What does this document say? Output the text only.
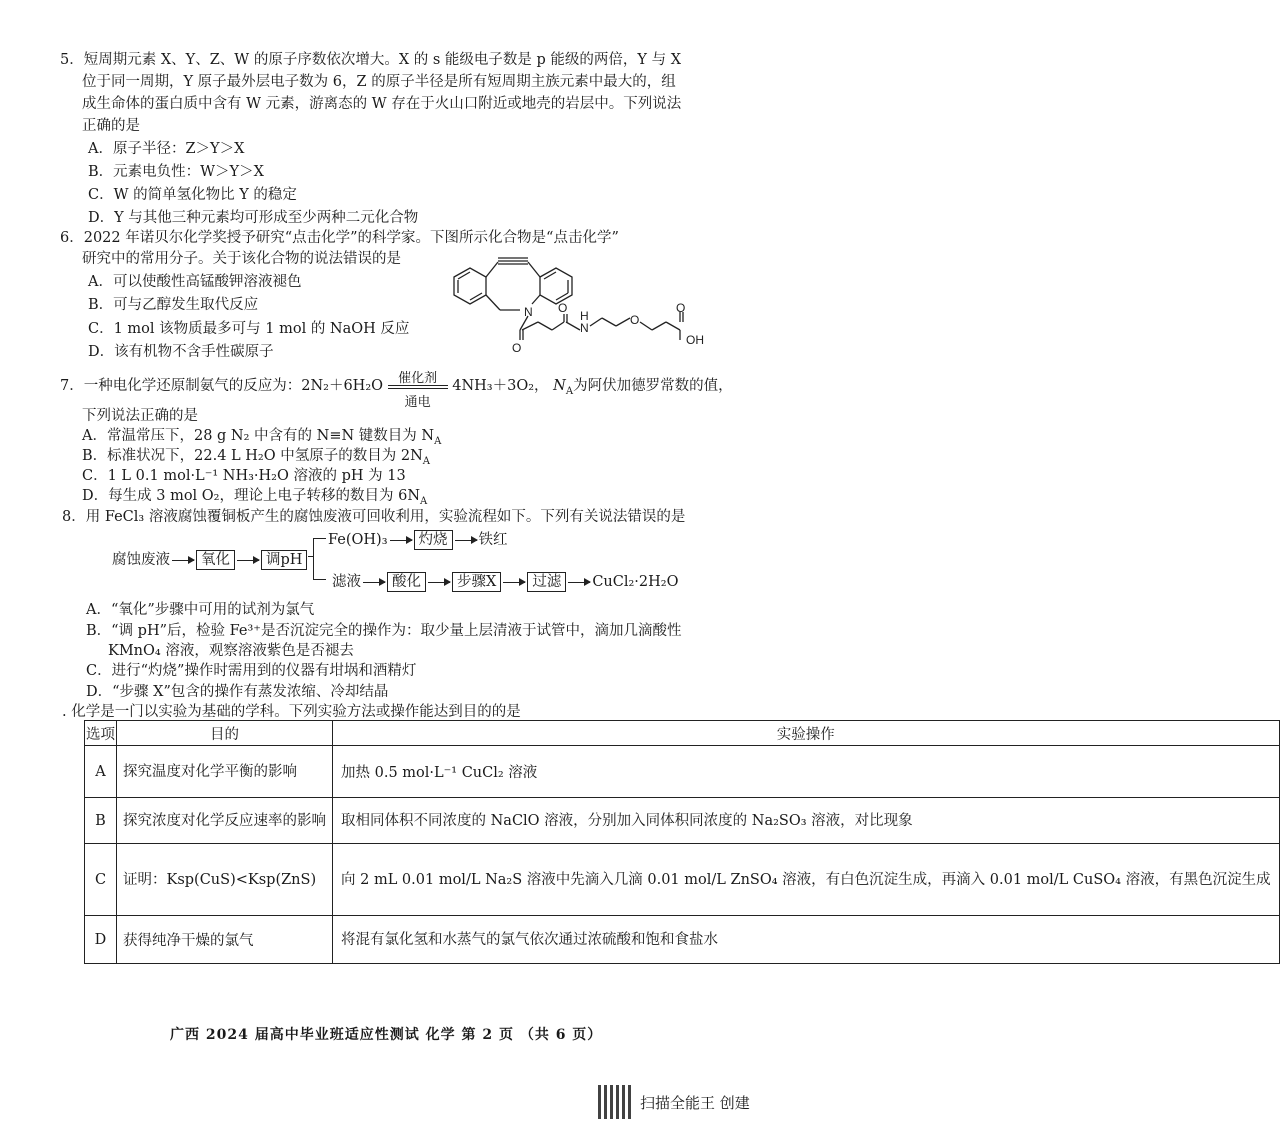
5．短周期元素 X、Y、Z、W 的原子序数依次增大。X 的 s 能级电子数是 p 能级的两倍，Y 与 X
位于同一周期，Y 原子最外层电子数为 6，Z 的原子半径是所有短周期主族元素中最大的，组
成生命体的蛋白质中含有 W 元素，游离态的 W 存在于火山口附近或地壳的岩层中。下列说法
正确的是
A．原子半径：Z＞Y＞X
B．元素电负性：W＞Y＞X
C．W 的简单氢化物比 Y 的稳定
D．Y 与其他三种元素均可形成至少两种二元化合物
6．2022 年诺贝尔化学奖授予研究“点击化学”的科学家。下图所示化合物是“点击化学”
研究中的常用分子。关于该化合物的说法错误的是
A．可以使酸性高锰酸钾溶液褪色
B．可与乙醇发生取代反应
C．1 mol 该物质最多可与 1 mol 的 NaOH 反应
D．该有机物不含手性碳原子
N
O
O
N
H	O
O
OH
7．一种电化学还原制氨气的反应为：2N₂＋6H₂O	催化剂
通电
4NH₃＋3O₂， $N_A$为阿伏加德罗常数的值，
下列说法正确的是
A．常温常压下，28 g N₂ 中含有的 N≡N 键数目为 $N_A$
B．标准状况下，22.4 L H₂O 中氢原子的数目为 $2N_A$
C．1 L 0.1 mol·L⁻¹ NH₃·H₂O 溶液的 pH 为 13
D．每生成 3 mol O₂，理论上电子转移的数目为 $6N_A$
8．用 FeCl₃ 溶液腐蚀覆铜板产生的腐蚀废液可回收利用，实验流程如下。下列有关说法错误的是
腐蚀废液 氧化 调pH
Fe(OH)₃ 灼烧 铁红
滤液 酸化 步骤X 过滤 CuCl₂·2H₂O
A．“氧化”步骤中可用的试剂为氯气
B．“调 pH”后，检验 Fe³⁺是否沉淀完全的操作为：取少量上层清液于试管中，滴加几滴酸性
KMnO₄ 溶液，观察溶液紫色是否褪去
C．进行“灼烧”操作时需用到的仪器有坩埚和酒精灯
D．“步骤 X”包含的操作有蒸发浓缩、冷却结晶
. 化学是一门以实验为基础的学科。下列实验方法或操作能达到目的的是
选项	目的	实验操作
A	探究温度对化学平衡的影响	加热 0.5 mol·L⁻¹ CuCl₂ 溶液
B	探究浓度对化学反应速率的影响	取相同体积不同浓度的 NaClO 溶液，分别加入同体积同浓度的 Na₂SO₃ 溶液，对比现象
C	证明：Ksp(CuS)<Ksp(ZnS)	向 2 mL 0.01 mol/L Na₂S 溶液中先滴入几滴 0.01 mol/L ZnSO₄ 溶液，有白色沉淀生成，再滴入 0.01 mol/L CuSO₄ 溶液，有黑色沉淀生成
D	获得纯净干燥的氯气	将混有氯化氢和水蒸气的氯气依次通过浓硫酸和饱和食盐水
广西 2024 届高中毕业班适应性测试 化学 第 2 页 （共 6 页）
扫描全能王 创建
